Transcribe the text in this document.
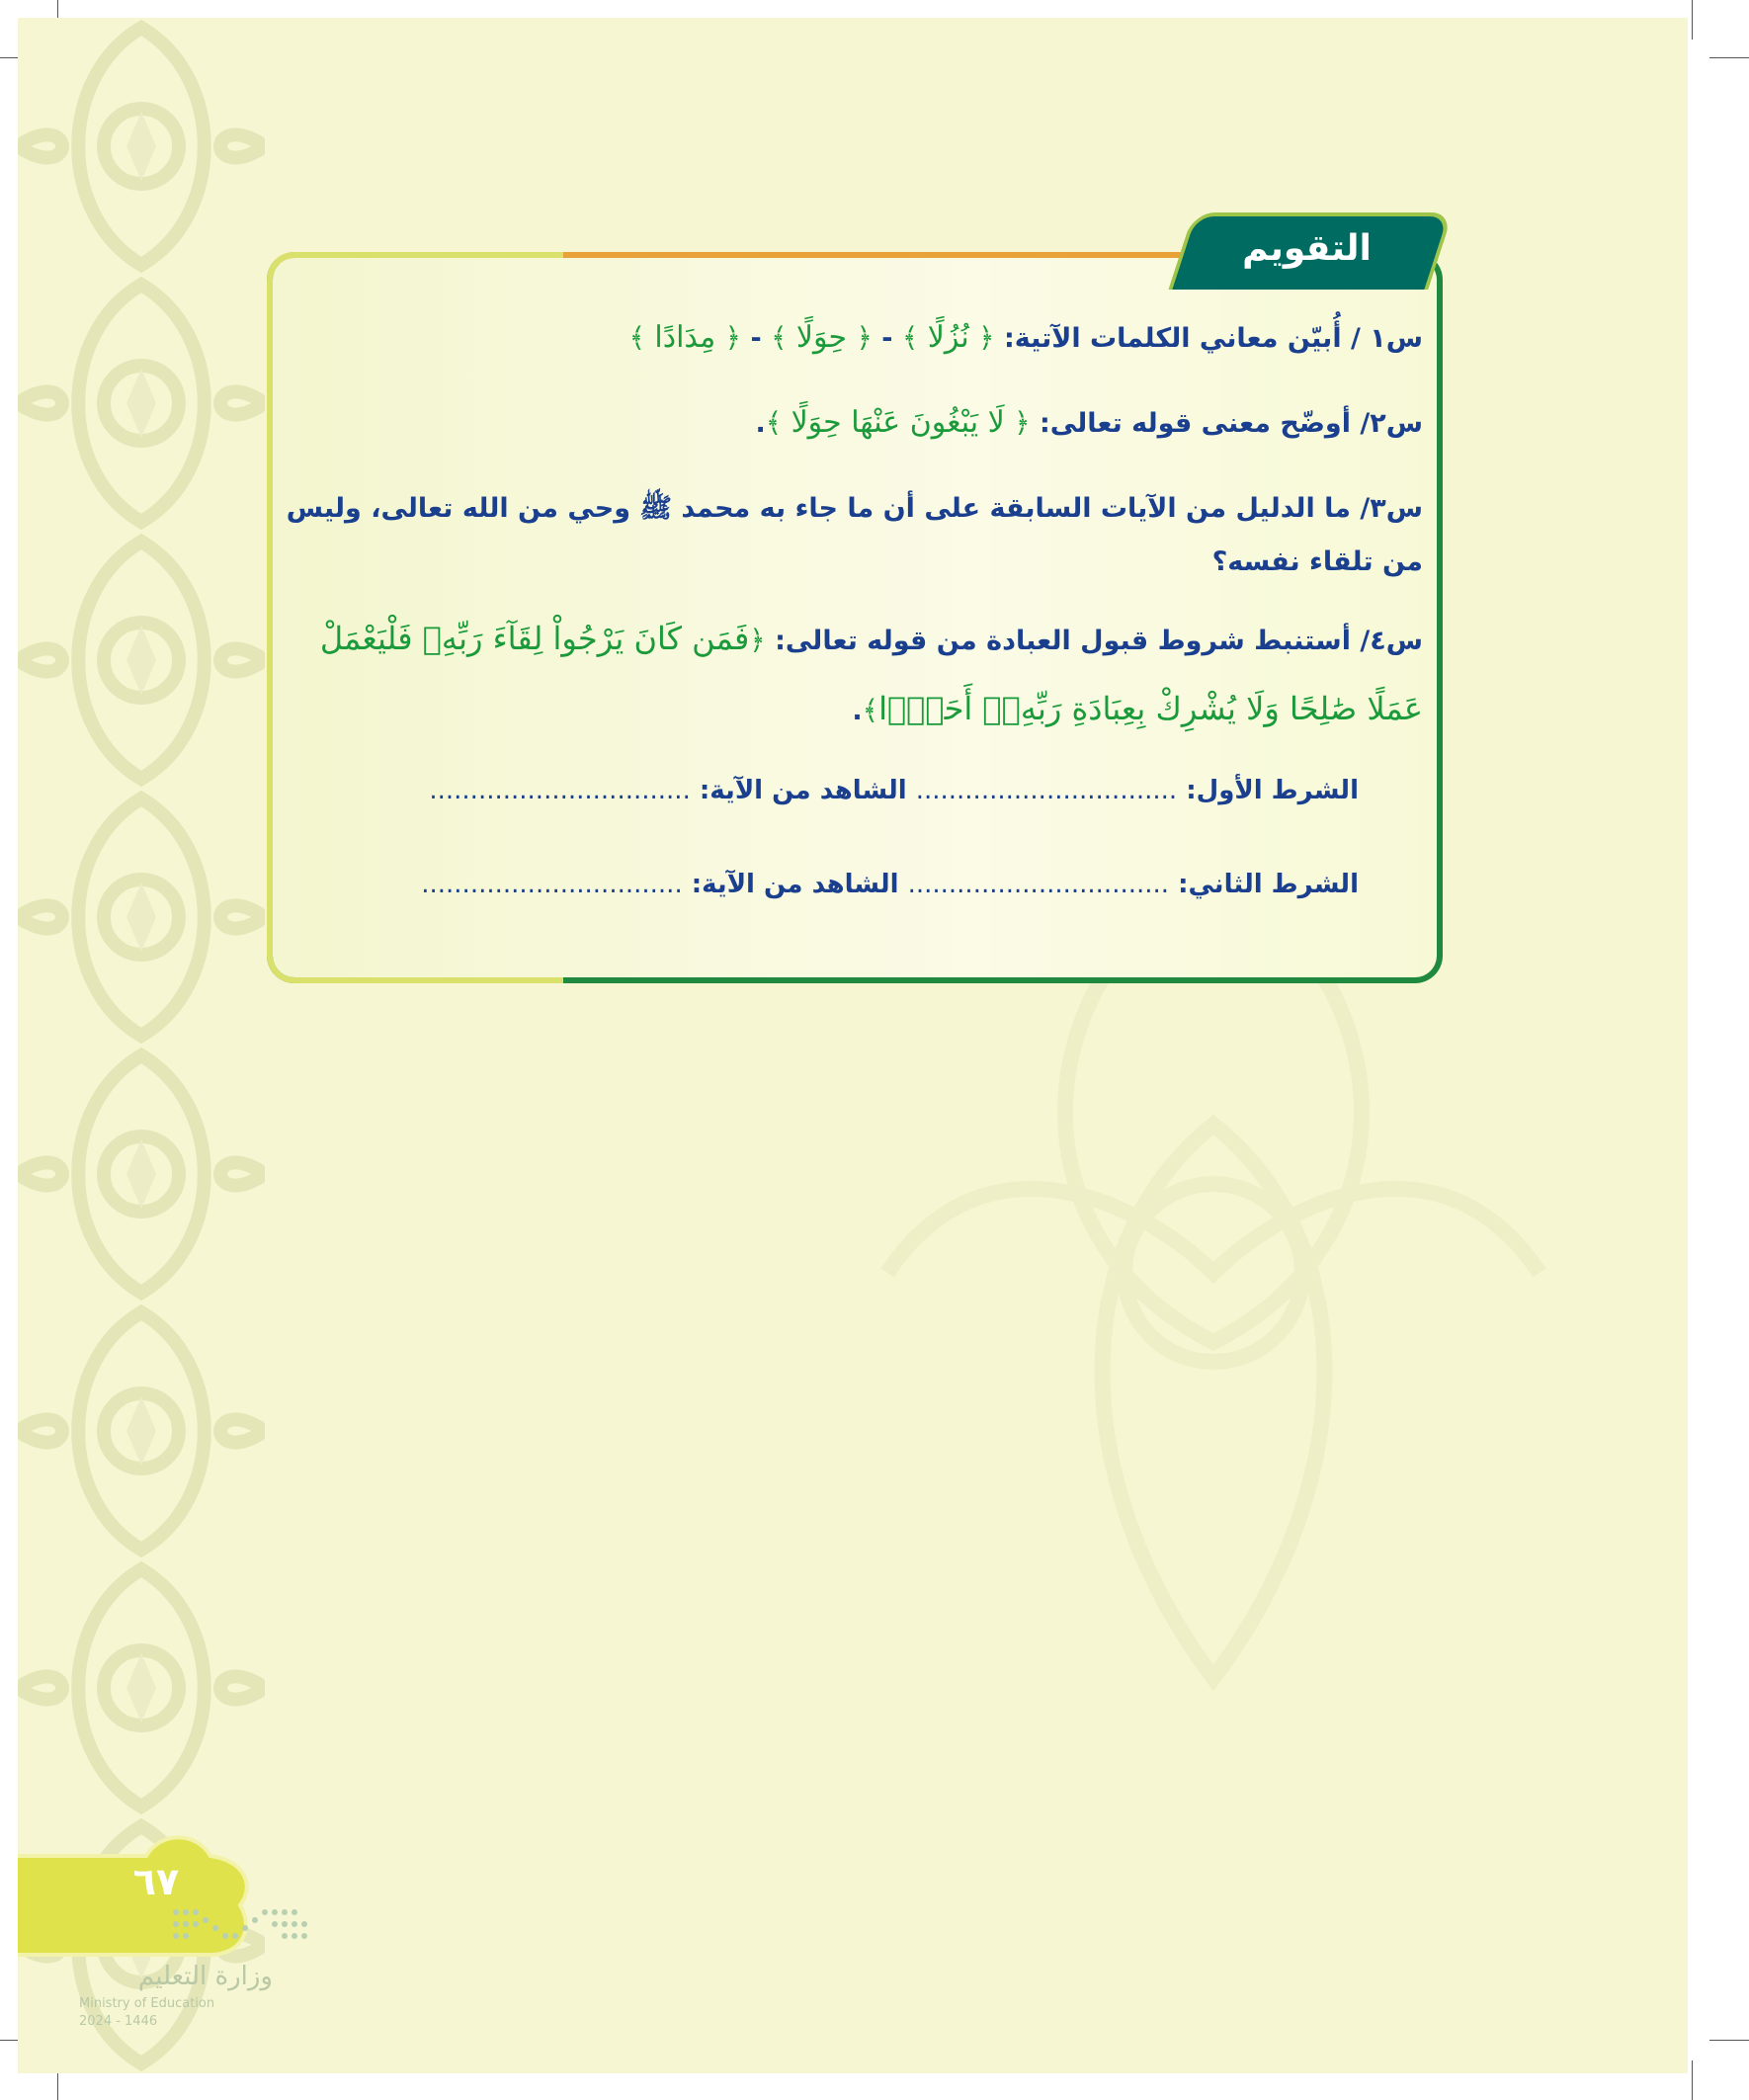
٦٧
وزارة التعليم
Ministry of Education
2024 - 1446
التقويم
س١ / أُبيّن معاني الكلمات الآتية: ﴿ نُزُلًا ﴾ - ﴿ حِوَلًا ﴾ - ﴿ مِدَادًا ﴾
س٢/ أوضّح معنى قوله تعالى: ﴿ لَا يَبْغُونَ عَنْهَا حِوَلًا ﴾.
س٣/ ما الدليل من الآيات السابقة على أن ما جاء به محمد ﷺ وحي من الله تعالى، وليس من تلقاء نفسه؟
س٤/ أستنبط شروط قبول العبادة من قوله تعالى: ﴿فَمَن كَانَ يَرْجُواْ لِقَآءَ رَبِّهِۦ فَلْيَعْمَلْ عَمَلًا صَٰلِحًا وَلَا يُشْرِكْ بِعِبَادَةِ رَبِّهِۦٓ أَحَدًۢا﴾.
الشرط الأول: ................................ الشاهد من الآية: ................................
الشرط الثاني: ................................ الشاهد من الآية: ................................
